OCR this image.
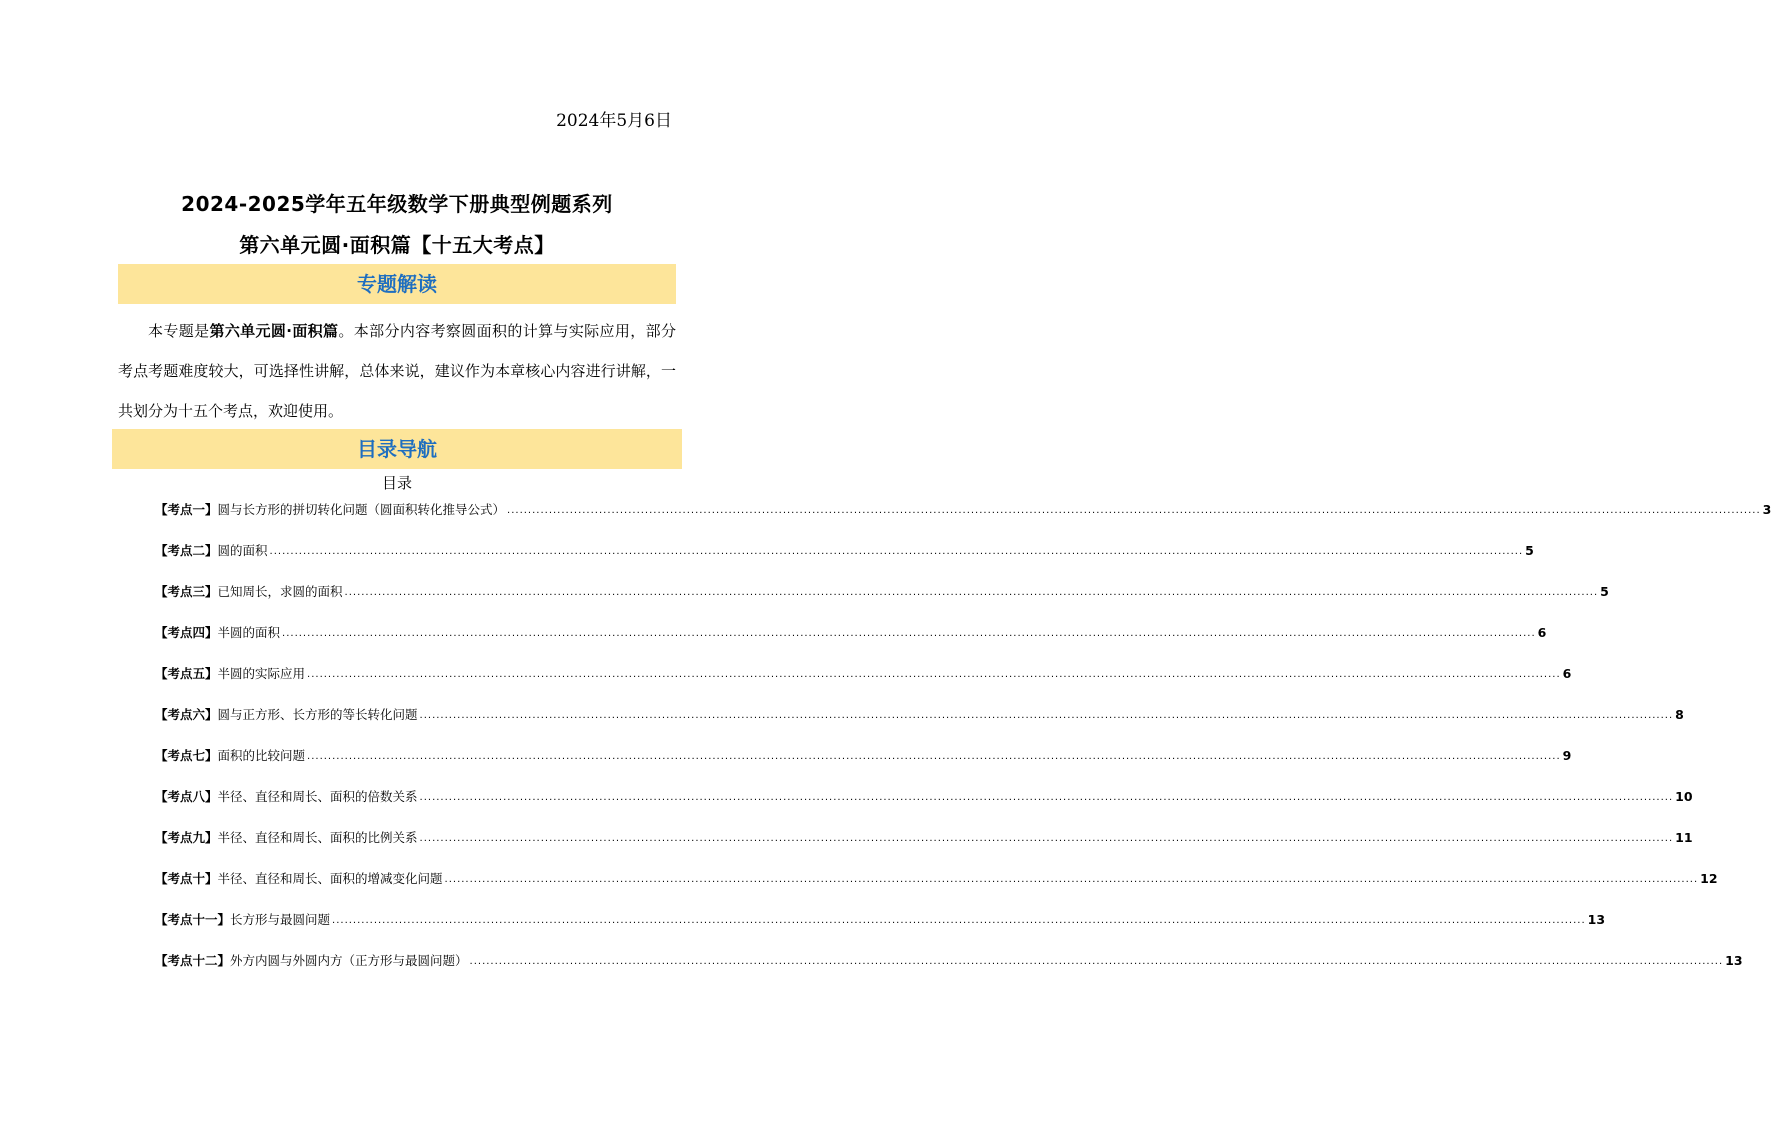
2024年5月6日
2024-2025学年五年级数学下册典型例题系列
第六单元圆·面积篇【十五大考点】
专题解读
本专题是第六单元圆·面积篇。本部分内容考察圆面积的计算与实际应用，部分考点考题难度较大，可选择性讲解，总体来说，建议作为本章核心内容进行讲解，一共划分为十五个考点，欢迎使用。
目录导航
目录
【考点一】 圆与长方形的拼切转化问题（圆面积转化推导公式） ............................................................................................................................................................................................................................................................................................................ 3
【考点二】 圆的面积 ............................................................................................................................................................................................................................................................................................................ 5
【考点三】 已知周长，求圆的面积 ............................................................................................................................................................................................................................................................................................................ 5
【考点四】 半圆的面积 ............................................................................................................................................................................................................................................................................................................ 6
【考点五】 半圆的实际应用 ............................................................................................................................................................................................................................................................................................................ 6
【考点六】 圆与正方形、长方形的等长转化问题 ............................................................................................................................................................................................................................................................................................................ 8
【考点七】 面积的比较问题 ............................................................................................................................................................................................................................................................................................................ 9
【考点八】 半径、直径和周长、面积的倍数关系 ............................................................................................................................................................................................................................................................................................................ 10
【考点九】 半径、直径和周长、面积的比例关系 ............................................................................................................................................................................................................................................................................................................ 11
【考点十】 半径、直径和周长、面积的增减变化问题 ............................................................................................................................................................................................................................................................................................................ 12
【考点十一】 长方形与最圆问题 ............................................................................................................................................................................................................................................................................................................ 13
【考点十二】 外方内圆与外圆内方（正方形与最圆问题） ............................................................................................................................................................................................................................................................................................................ 13
